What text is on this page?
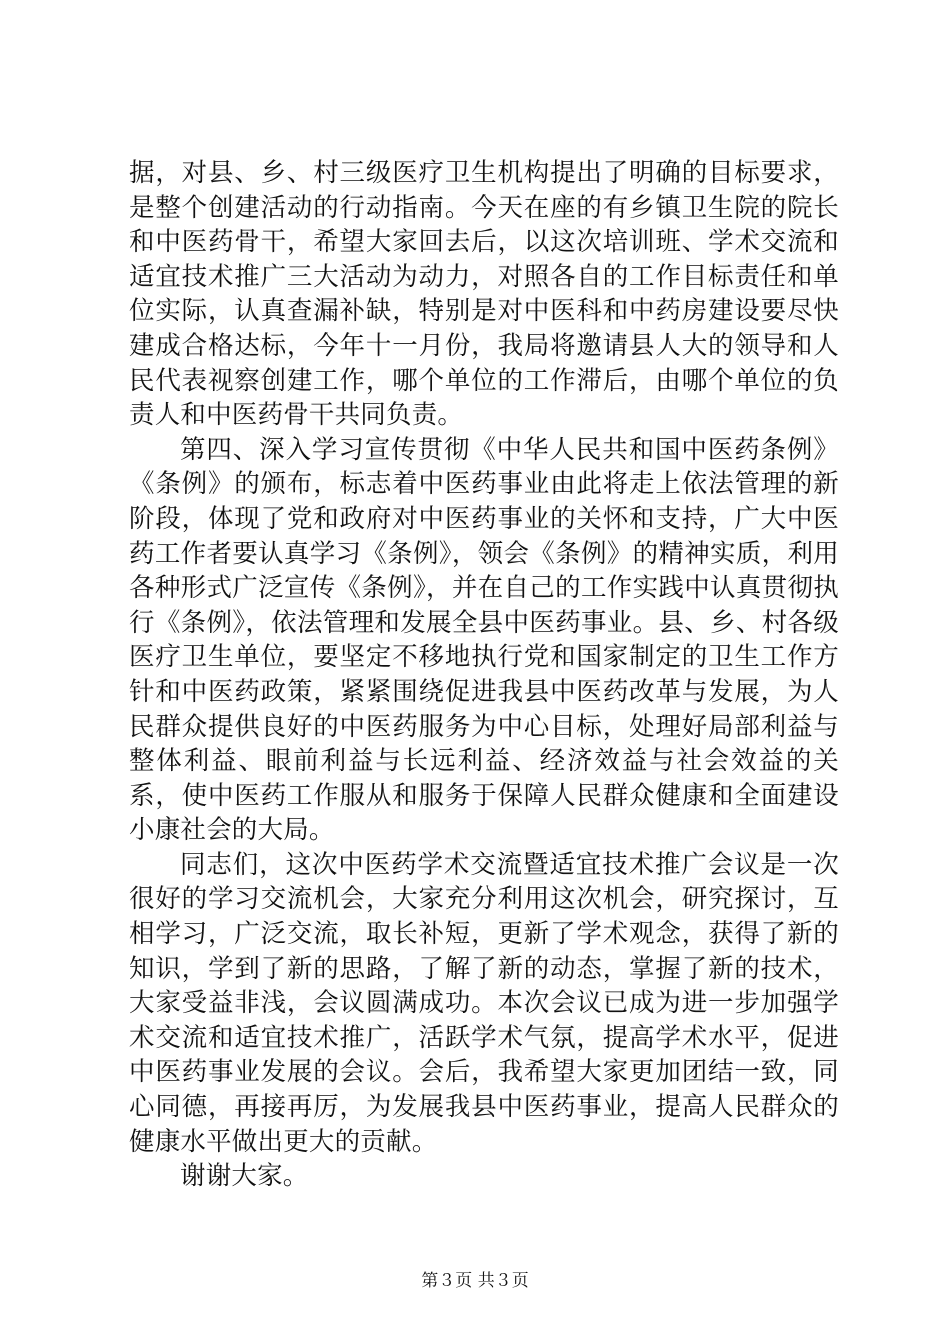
据，对县、乡、村三级医疗卫生机构提出了明确的目标要求，是整个创建活动的行动指南。今天在座的有乡镇卫生院的院长和中医药骨干，希望大家回去后，以这次培训班、学术交流和适宜技术推广三大活动为动力，对照各自的工作目标责任和单位实际，认真查漏补缺，特别是对中医科和中药房建设要尽快建成合格达标，今年十一月份，我局将邀请县人大的领导和人民代表视察创建工作，哪个单位的工作滞后，由哪个单位的负责人和中医药骨干共同负责。

第四、深入学习宣传贯彻《中华人民共和国中医药条例》《条例》的颁布，标志着中医药事业由此将走上依法管理的新阶段，体现了党和政府对中医药事业的关怀和支持，广大中医药工作者要认真学习《条例》，领会《条例》的精神实质，利用各种形式广泛宣传《条例》，并在自己的工作实践中认真贯彻执行《条例》，依法管理和发展全县中医药事业。县、乡、村各级医疗卫生单位，要坚定不移地执行党和国家制定的卫生工作方针和中医药政策，紧紧围绕促进我县中医药改革与发展，为人民群众提供良好的中医药服务为中心目标，处理好局部利益与整体利益、眼前利益与长远利益、经济效益与社会效益的关系，使中医药工作服从和服务于保障人民群众健康和全面建设小康社会的大局。

同志们，这次中医药学术交流暨适宜技术推广会议是一次很好的学习交流机会，大家充分利用这次机会，研究探讨，互相学习，广泛交流，取长补短，更新了学术观念，获得了新的知识，学到了新的思路，了解了新的动态，掌握了新的技术，大家受益非浅，会议圆满成功。本次会议已成为进一步加强学术交流和适宜技术推广，活跃学术气氛，提高学术水平，促进中医药事业发展的会议。会后，我希望大家更加团结一致，同心同德，再接再厉，为发展我县中医药事业，提高人民群众的健康水平做出更大的贡献。

谢谢大家。

第３页 共３页
